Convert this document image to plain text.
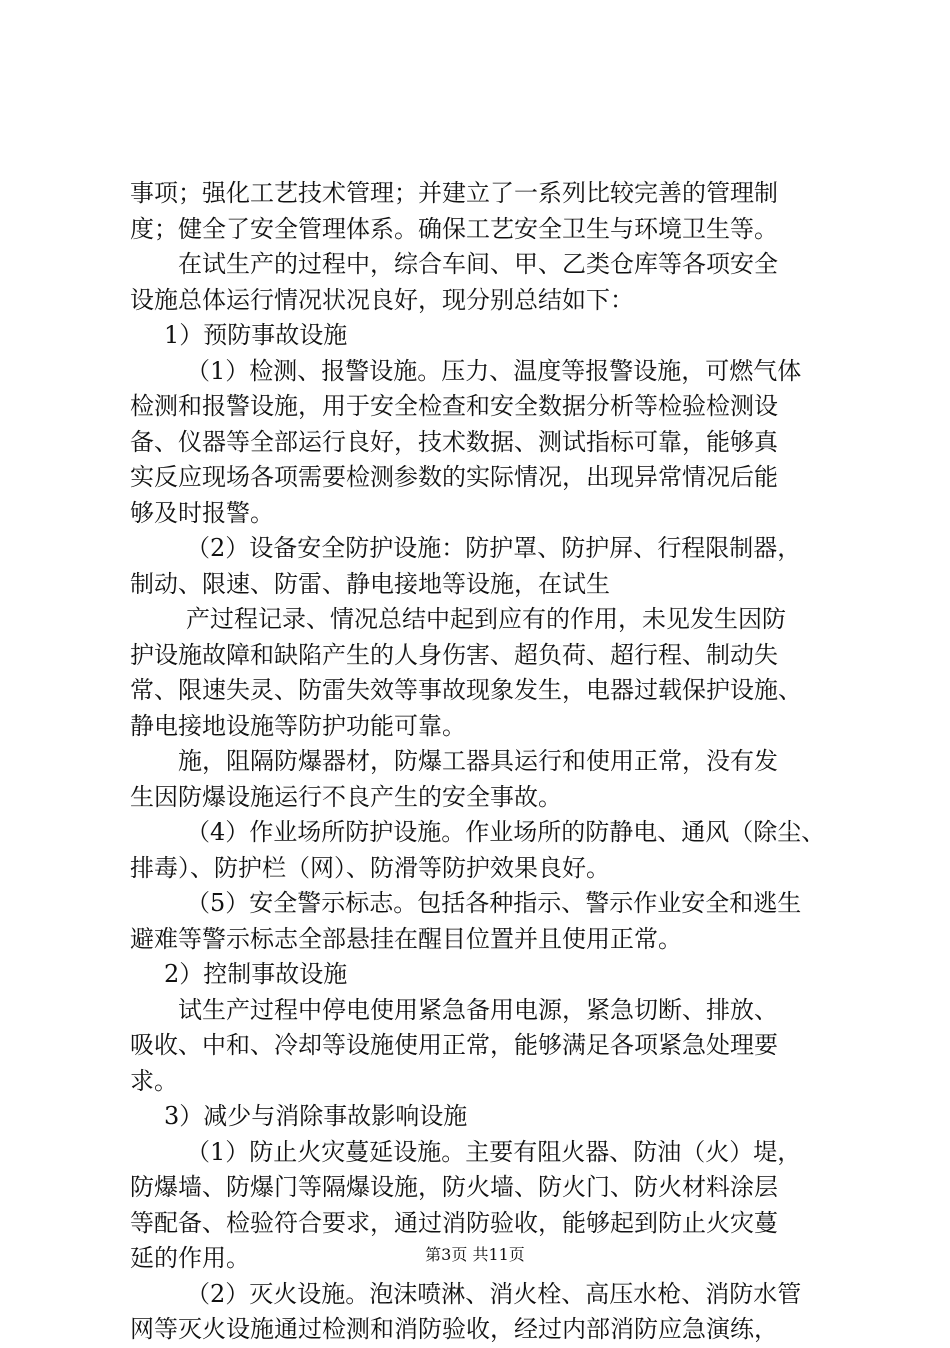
事项；强化工艺技术管理；并建立了一系列比较完善的管理制
度；健全了安全管理体系。确保工艺安全卫生与环境卫生等。
在试生产的过程中，综合车间、甲、乙类仓库等各项安全
设施总体运行情况状况良好，现分别总结如下：
1）预防事故设施
（1）检测、报警设施。压力、温度等报警设施，可燃气体
检测和报警设施，用于安全检查和安全数据分析等检验检测设
备、仪器等全部运行良好，技术数据、测试指标可靠，能够真
实反应现场各项需要检测参数的实际情况，出现异常情况后能
够及时报警。
（2）设备安全防护设施：防护罩、防护屏、行程限制器，
制动、限速、防雷、静电接地等设施，在试生
产过程记录、情况总结中起到应有的作用，未见发生因防
护设施故障和缺陷产生的人身伤害、超负荷、超行程、制动失
常、限速失灵、防雷失效等事故现象发生，电器过载保护设施、
静电接地设施等防护功能可靠。
施，阻隔防爆器材，防爆工器具运行和使用正常，没有发
生因防爆设施运行不良产生的安全事故。
（4）作业场所防护设施。作业场所的防静电、通风（除尘、
排毒）、防护栏（网）、防滑等防护效果良好。
（5）安全警示标志。包括各种指示、警示作业安全和逃生
避难等警示标志全部悬挂在醒目位置并且使用正常。
2）控制事故设施
试生产过程中停电使用紧急备用电源，紧急切断、排放、
吸收、中和、冷却等设施使用正常，能够满足各项紧急处理要
求。
3）减少与消除事故影响设施
（1）防止火灾蔓延设施。主要有阻火器、防油（火）堤，
防爆墙、防爆门等隔爆设施，防火墙、防火门、防火材料涂层
等配备、检验符合要求，通过消防验收，能够起到防止火灾蔓
延的作用。
（2）灭火设施。泡沫喷淋、消火栓、高压水枪、消防水管
网等灭火设施通过检测和消防验收，经过内部消防应急演练，
第3页 共11页
